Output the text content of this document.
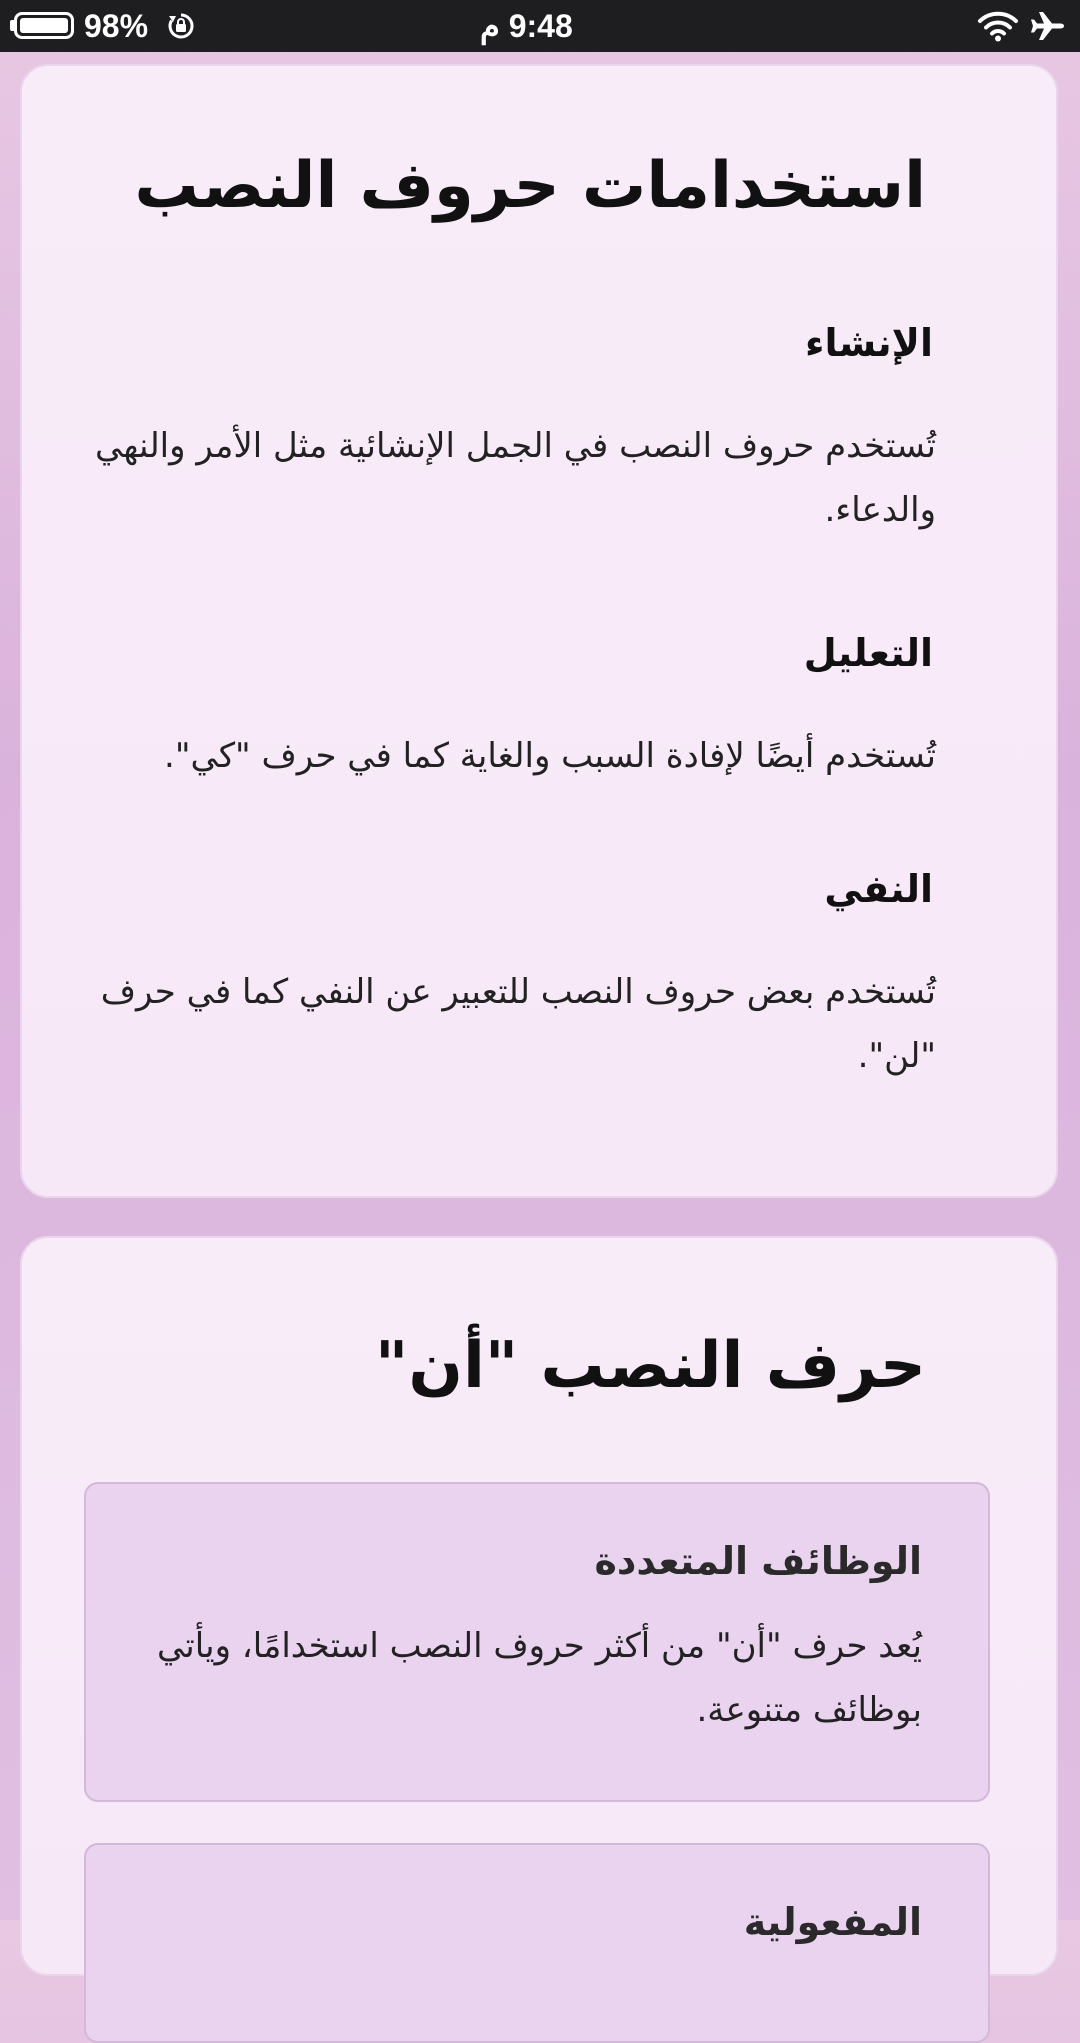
98%	9:48 م
استخدامات حروف النصب
الإنشاء

تُستخدم حروف النصب في الجمل الإنشائية مثل الأمر والنهي والدعاء.

التعليل

تُستخدم أيضًا لإفادة السبب والغاية كما في حرف "كي".

النفي

تُستخدم بعض حروف النصب للتعبير عن النفي كما في حرف "لن".

حرف النصب "أن"
الوظائف المتعددة

يُعد حرف "أن" من أكثر حروف النصب استخدامًا، ويأتي بوظائف متنوعة.

المفعولية
